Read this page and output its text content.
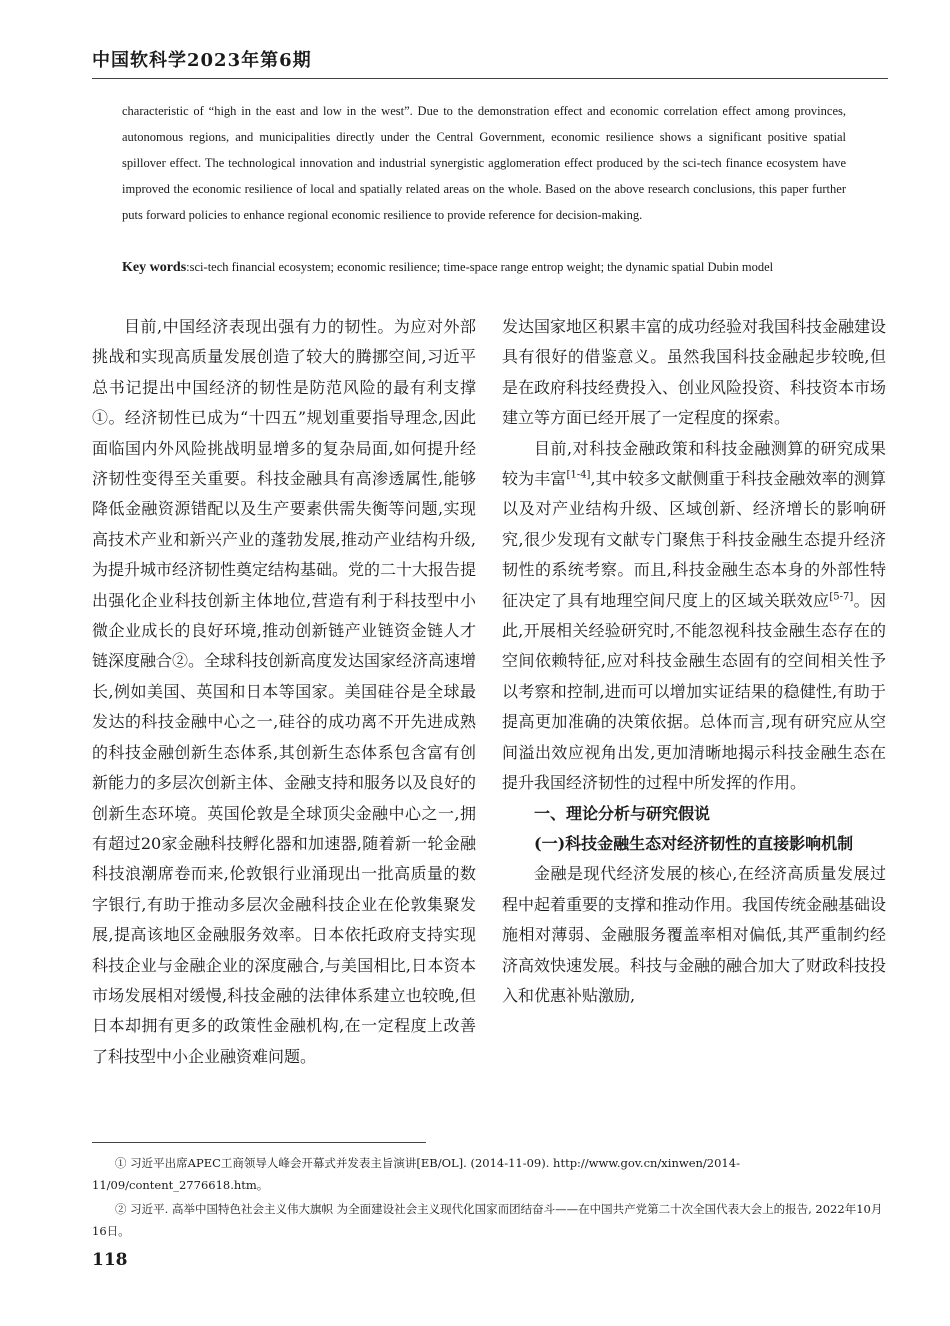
中国软科学2023年第6期

characteristic of “high in the east and low in the west”. Due to the demonstration effect and economic correlation effect among provinces, autonomous regions, and municipalities directly under the Central Government, economic resilience shows a significant positive spatial spillover effect. The technological innovation and industrial synergistic agglomeration effect produced by the sci-tech finance ecosystem have improved the economic resilience of local and spatially related areas on the whole. Based on the above research conclusions, this paper further puts forward policies to enhance regional economic resilience to provide reference for decision-making.

Key words:sci-tech financial ecosystem; economic resilience; time-space range entrop weight; the dynamic spatial Dubin model

目前,中国经济表现出强有力的韧性。为应对外部挑战和实现高质量发展创造了较大的腾挪空间,习近平总书记提出中国经济的韧性是防范风险的最有利支撑①。经济韧性已成为“十四五”规划重要指导理念,因此面临国内外风险挑战明显增多的复杂局面,如何提升经济韧性变得至关重要。科技金融具有高渗透属性,能够降低金融资源错配以及生产要素供需失衡等问题,实现高技术产业和新兴产业的蓬勃发展,推动产业结构升级,为提升城市经济韧性奠定结构基础。党的二十大报告提出强化企业科技创新主体地位,营造有利于科技型中小微企业成长的良好环境,推动创新链产业链资金链人才链深度融合②。全球科技创新高度发达国家经济高速增长,例如美国、英国和日本等国家。美国硅谷是全球最发达的科技金融中心之一,硅谷的成功离不开先进成熟的科技金融创新生态体系,其创新生态体系包含富有创新能力的多层次创新主体、金融支持和服务以及良好的创新生态环境。英国伦敦是全球顶尖金融中心之一,拥有超过20家金融科技孵化器和加速器,随着新一轮金融科技浪潮席卷而来,伦敦银行业涌现出一批高质量的数字银行,有助于推动多层次金融科技企业在伦敦集聚发展,提高该地区金融服务效率。日本依托政府支持实现科技企业与金融企业的深度融合,与美国相比,日本资本市场发展相对缓慢,科技金融的法律体系建立也较晚,但日本却拥有更多的政策性金融机构,在一定程度上改善了科技型中小企业融资难问题。

发达国家地区积累丰富的成功经验对我国科技金融建设具有很好的借鉴意义。虽然我国科技金融起步较晚,但是在政府科技经费投入、创业风险投资、科技资本市场建立等方面已经开展了一定程度的探索。

目前,对科技金融政策和科技金融测算的研究成果较为丰富[1-4],其中较多文献侧重于科技金融效率的测算以及对产业结构升级、区域创新、经济增长的影响研究,很少发现有文献专门聚焦于科技金融生态提升经济韧性的系统考察。而且,科技金融生态本身的外部性特征决定了具有地理空间尺度上的区域关联效应[5-7]。因此,开展相关经验研究时,不能忽视科技金融生态存在的空间依赖特征,应对科技金融生态固有的空间相关性予以考察和控制,进而可以增加实证结果的稳健性,有助于提高更加准确的决策依据。总体而言,现有研究应从空间溢出效应视角出发,更加清晰地揭示科技金融生态在提升我国经济韧性的过程中所发挥的作用。

一、理论分析与研究假说
(一)科技金融生态对经济韧性的直接影响机制

金融是现代经济发展的核心,在经济高质量发展过程中起着重要的支撑和推动作用。我国传统金融基础设施相对薄弱、金融服务覆盖率相对偏低,其严重制约经济高效快速发展。科技与金融的融合加大了财政科技投入和优惠补贴激励,

① 习近平出席APEC工商领导人峰会开幕式并发表主旨演讲[EB/OL]. (2014-11-09). http://www.gov.cn/xinwen/2014-11/09/content_2776618.htm。

② 习近平. 高举中国特色社会主义伟大旗帜 为全面建设社会主义现代化国家而团结奋斗——在中国共产党第二十次全国代表大会上的报告, 2022年10月16日。

118
